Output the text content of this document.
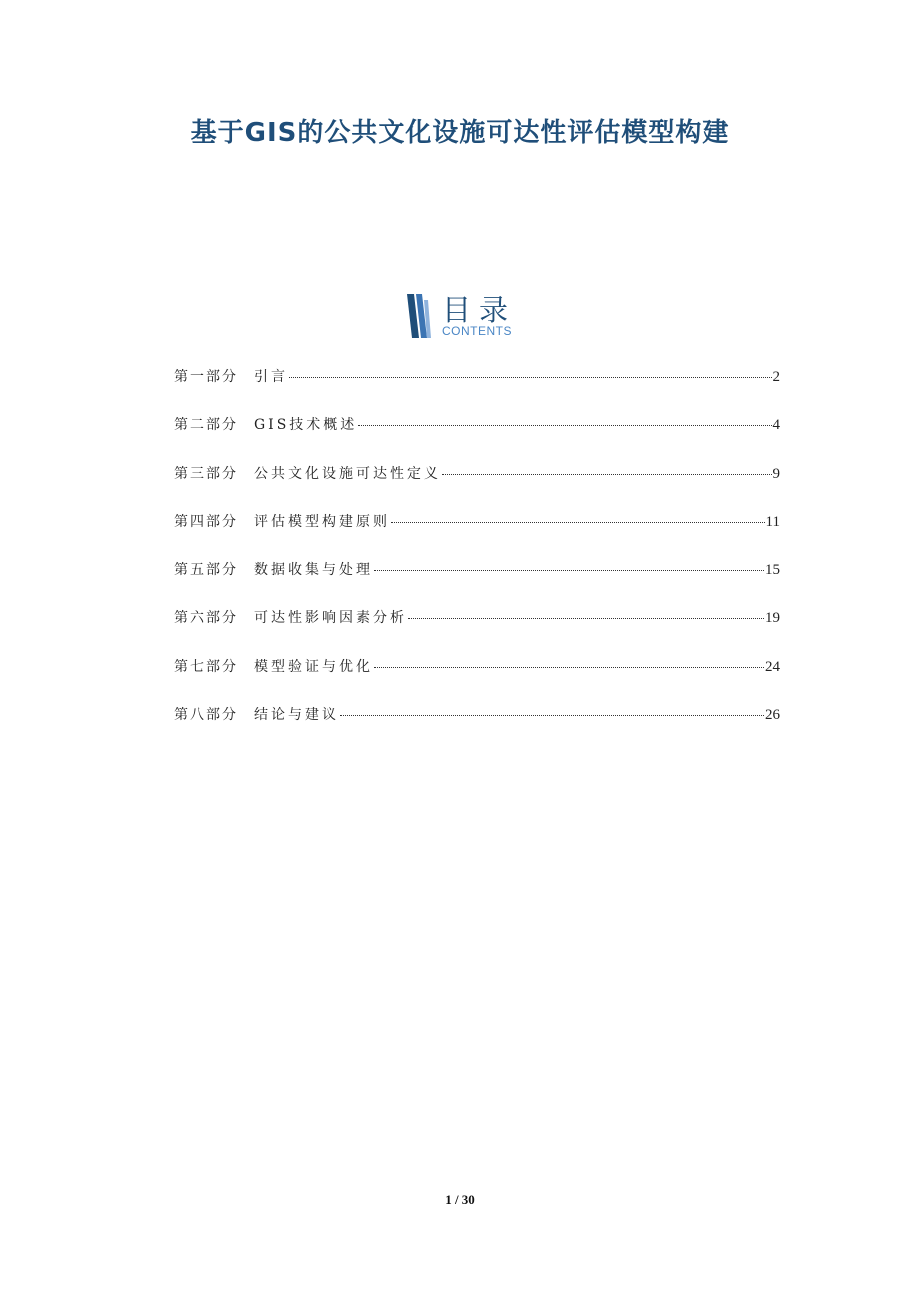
基于GIS的公共文化设施可达性评估模型构建
目录
CONTENTS
第一部分	引言	2
第二部分	GIS技术概述	4
第三部分	公共文化设施可达性定义	9
第四部分	评估模型构建原则	11
第五部分	数据收集与处理	15
第六部分	可达性影响因素分析	19
第七部分	模型验证与优化	24
第八部分	结论与建议	26
1 / 30
